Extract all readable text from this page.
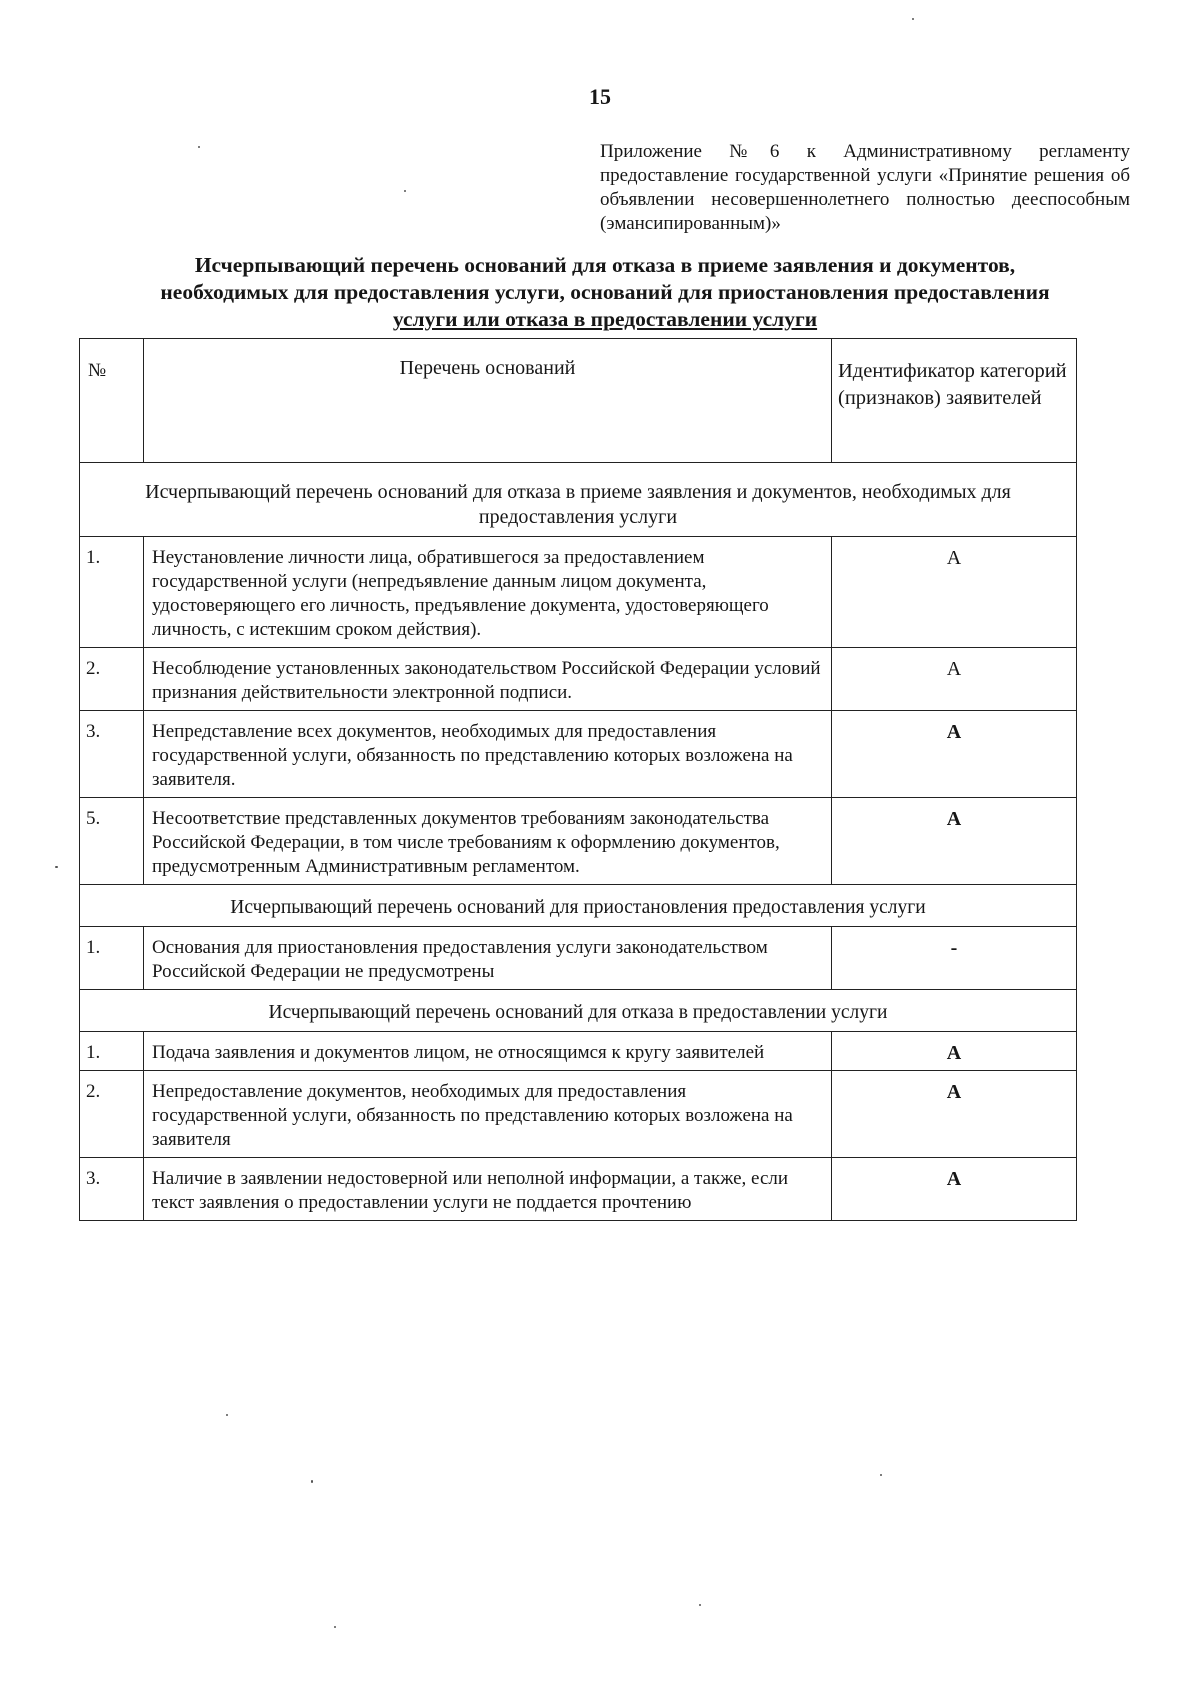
15
Приложение №6 к Административному регламенту предоставление государственной услуги «Принятие решения об объявлении несовершеннолетнего полностью дееспособным (эмансипированным)»
Исчерпывающий перечень оснований для отказа в приеме заявления и документов,
необходимых для предоставления услуги, оснований для приостановления предоставления
услуги или отказа в предоставлении услуги
№	Перечень оснований	Идентификатор категорий (признаков) заявителей
Исчерпывающий перечень оснований для отказа в приеме заявления и документов, необходимых для предоставления услуги		
1.	Неустановление личности лица, обратившегося за предоставлением государственной услуги (непредъявление данным лицом документа, удостоверяющего его личность, предъявление документа, удостоверяющего личность, с истекшим сроком действия).	А
2.	Несоблюдение установленных законодательством Российской Федерации условий признания действительности электронной подписи.	А
3.	Непредставление всех документов, необходимых для предоставления государственной услуги, обязанность по представлению которых возложена на заявителя.	А
5.	Несоответствие представленных документов требованиям законодательства Российской Федерации, в том числе требованиям к оформлению документов, предусмотренным Административным регламентом.	А
Исчерпывающий перечень оснований для приостановления предоставления услуги		
1.	Основания для приостановления предоставления услуги законодательством Российской Федерации не предусмотрены	-
Исчерпывающий перечень оснований для отказа в предоставлении услуги		
1.	Подача заявления и документов лицом, не относящимся к кругу заявителей	А
2.	Непредоставление документов, необходимых для предоставления государственной услуги, обязанность по представлению которых возложена на заявителя	А
3.	Наличие в заявлении недостоверной или неполной информации, а также, если текст заявления о предоставлении услуги не поддается прочтению	А
